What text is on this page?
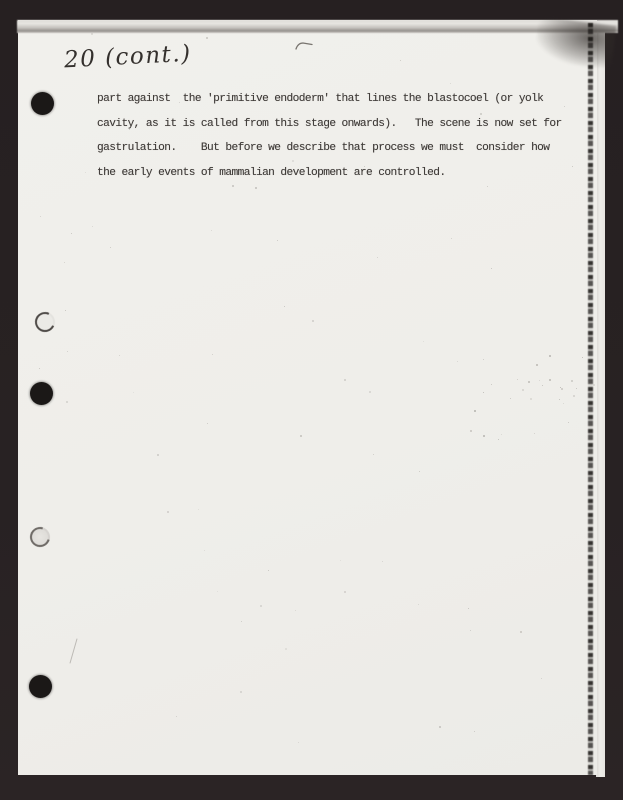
20 (cont.)
part against  the 'primitive endoderm' that lines the blastocoel (or yolk
cavity, as it is called from this stage onwards).   The scene is now set for
gastrulation.    But before we describe that process we must  consider how
the early events of mammalian development are controlled.
